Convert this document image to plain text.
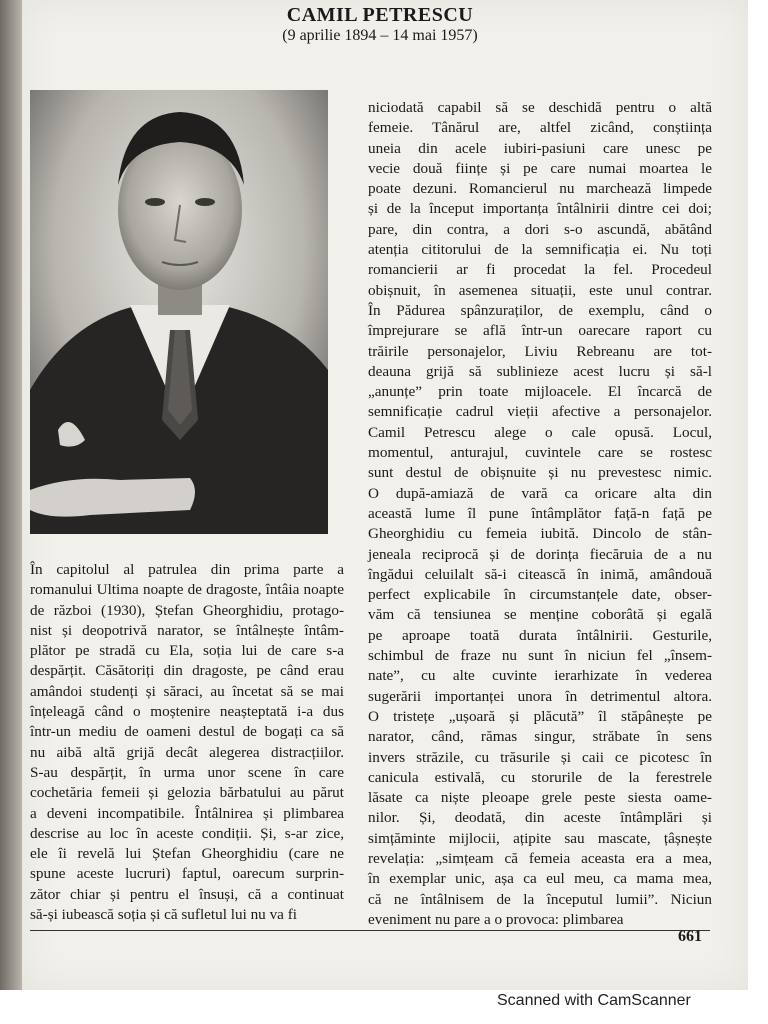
CAMIL PETRESCU
(9 aprilie 1894 – 14 mai 1957)
niciodată capabil să se deschidă pentru o altă
femeie. Tânărul are, altfel zicând, conștiința
uneia din acele iubiri-pasiuni care unesc pe
vecie două ființe și pe care numai moartea le
poate dezuni. Romancierul nu marchează limpede
și de la început importanța întâlnirii dintre cei doi;
pare, din contra, a dori s-o ascundă, abătând
atenția cititorului de la semnificația ei. Nu toți
romancierii ar fi procedat la fel. Procedeul
obișnuit, în asemenea situații, este unul contrar.
În Pădurea spânzuraților, de exemplu, când o
împrejurare se află într-un oarecare raport cu
trăirile personajelor, Liviu Rebreanu are tot-
deauna grijă să sublinieze acest lucru și să-l
„anunțe” prin toate mijloacele. El încarcă de
semnificație cadrul vieții afective a personajelor.
Camil Petrescu alege o cale opusă. Locul,
momentul, anturajul, cuvintele care se rostesc
sunt destul de obișnuite și nu prevestesc nimic.
O după-amiază de vară ca oricare alta din
această lume îl pune întâmplător față-n față pe
Gheorghidiu cu femeia iubită. Dincolo de stân-
jeneala reciprocă și de dorința fiecăruia de a nu
îngădui celuilalt să-i citească în inimă, amândouă
perfect explicabile în circumstanțele date, obser-
văm că tensiunea se menține coborâtă și egală
pe aproape toată durata întâlnirii. Gesturile,
schimbul de fraze nu sunt în niciun fel „însem-
nate”, cu alte cuvinte ierarhizate în vederea
sugerării importanței unora în detrimentul altora.
O tristețe „ușoară și plăcută” îl stăpânește pe
narator, când, rămas singur, străbate în sens
invers străzile, cu trăsurile și caii ce picotesc în
canicula estivală, cu storurile de la ferestrele
lăsate ca niște pleoape grele peste siesta oame-
nilor. Și, deodată, din aceste întâmplări și
simțăminte mijlocii, ațipite sau mascate, țâșnește
revelația: „simțeam că femeia aceasta era a mea,
în exemplar unic, așa ca eul meu, ca mama mea,
că ne întâlnisem de la începutul lumii”. Niciun
eveniment nu pare a o provoca: plimbarea
În capitolul al patrulea din prima parte a
romanului Ultima noapte de dragoste, întâia noapte
de război (1930), Ștefan Gheorghidiu, protago-
nist și deopotrivă narator, se întâlnește întâm-
plător pe stradă cu Ela, soția lui de care s-a
despărțit. Căsătoriți din dragoste, pe când erau
amândoi studenți și săraci, au încetat să se mai
înțeleagă când o moștenire neașteptată i-a dus
într-un mediu de oameni destul de bogați ca să
nu aibă altă grijă decât alegerea distracțiilor.
S-au despărțit, în urma unor scene în care
cochetăria femeii și gelozia bărbatului au părut
a deveni incompatibile. Întâlnirea și plimbarea
descrise au loc în aceste condiții. Și, s-ar zice,
ele îi revelă lui Ștefan Gheorghidiu (care ne
spune aceste lucruri) faptul, oarecum surprin-
zător chiar și pentru el însuși, că a continuat
să-și iubească soția și că sufletul lui nu va fi
661
Scanned with CamScanner
